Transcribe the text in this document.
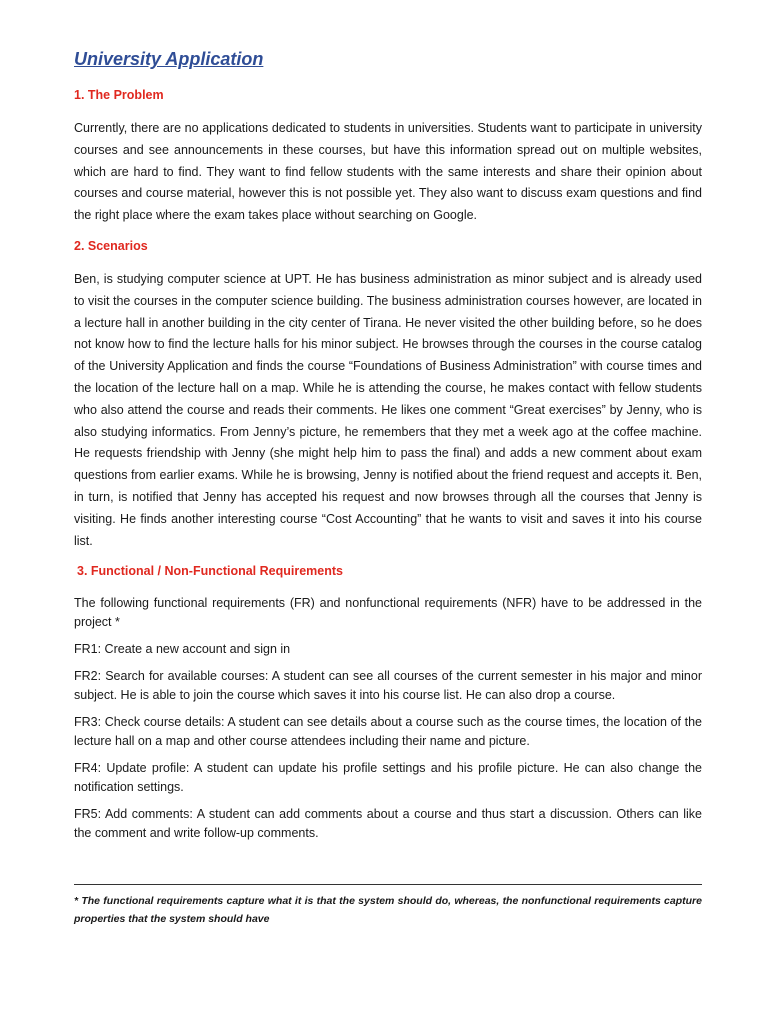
University Application
1. The Problem

Currently, there are no applications dedicated to students in universities. Students want to participate in university courses and see announcements in these courses, but have this information spread out on multiple websites, which are hard to find. They want to find fellow students with the same interests and share their opinion about courses and course material, however this is not possible yet. They also want to discuss exam questions and find the right place where the exam takes place without searching on Google.

2. Scenarios

Ben, is studying computer science at UPT. He has business administration as minor subject and is already used to visit the courses in the computer science building. The business administration courses however, are located in a lecture hall in another building in the city center of Tirana. He never visited the other building before, so he does not know how to find the lecture halls for his minor subject. He browses through the courses in the course catalog of the University Application and finds the course “Foundations of Business Administration” with course times and the location of the lecture hall on a map. While he is attending the course, he makes contact with fellow students who also attend the course and reads their comments. He likes one comment “Great exercises” by Jenny, who is also studying informatics. From Jenny’s picture, he remembers that they met a week ago at the coffee machine. He requests friendship with Jenny (she might help him to pass the final) and adds a new comment about exam questions from earlier exams. While he is browsing, Jenny is notified about the friend request and accepts it. Ben, in turn, is notified that Jenny has accepted his request and now browses through all the courses that Jenny is visiting. He finds another interesting course “Cost Accounting” that he wants to visit and saves it into his course list.

3. Functional / Non-Functional Requirements

The following functional requirements (FR) and nonfunctional requirements (NFR) have to be addressed in the project *

FR1: Create a new account and sign in

FR2: Search for available courses: A student can see all courses of the current semester in his major and minor subject. He is able to join the course which saves it into his course list. He can also drop a course.

FR3: Check course details: A student can see details about a course such as the course times, the location of the lecture hall on a map and other course attendees including their name and picture.

FR4: Update profile: A student can update his profile settings and his profile picture. He can also change the notification settings.

FR5: Add comments: A student can add comments about a course and thus start a discussion. Others can like the comment and write follow-up comments.

* The functional requirements capture what it is that the system should do, whereas, the nonfunctional requirements capture properties that the system should have
